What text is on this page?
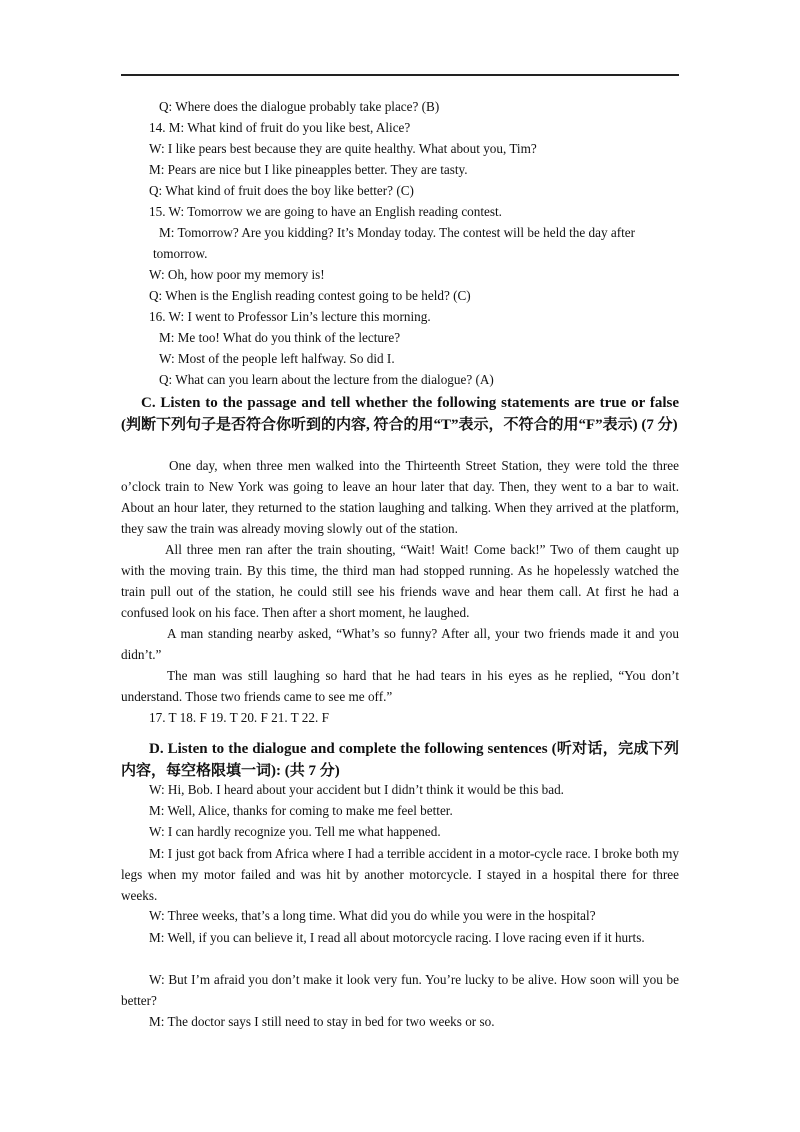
Q: Where does the dialogue probably take place? (B)
14. M: What kind of fruit do you like best, Alice?
W: I like pears best because they are quite healthy. What about you, Tim?
M: Pears are nice but I like pineapples better. They are tasty.
Q: What kind of fruit does the boy like better? (C)
15. W: Tomorrow we are going to have an English reading contest.
M: Tomorrow? Are you kidding? It’s Monday today. The contest will be held the day after
tomorrow.
W: Oh, how poor my memory is!
Q: When is the English reading contest going to be held? (C)
16. W: I went to Professor Lin’s lecture this morning.
M: Me too! What do you think of the lecture?
W: Most of the people left halfway. So did I.
Q: What can you learn about the lecture from the dialogue? (A)
C. Listen to the passage and tell whether the following statements are true or false (判断下列句子是否符合你听到的内容, 符合的用“T”表示，不符合的用“F”表示) (7 分)
One day, when three men walked into the Thirteenth Street Station, they were told the three o’clock train to New York was going to leave an hour later that day. Then, they went to a bar to wait. About an hour later, they returned to the station laughing and talking. When they arrived at the platform, they saw the train was already moving slowly out of the station.
All three men ran after the train shouting, “Wait! Wait! Come back!” Two of them caught up with the moving train. By this time, the third man had stopped running. As he hopelessly watched the train pull out of the station, he could still see his friends wave and hear them call. At first he had a confused look on his face. Then after a short moment, he laughed.
A man standing nearby asked, “What’s so funny? After all, your two friends made it and you didn’t.”
The man was still laughing so hard that he had tears in his eyes as he replied, “You don’t understand. Those two friends came to see me off.”
17. T 18. F 19. T 20. F 21. T 22. F
D. Listen to the dialogue and complete the following sentences (听对话，完成下列内容，每空格限填一词): (共 7 分)
W: Hi, Bob. I heard about your accident but I didn’t think it would be this bad.
M: Well, Alice, thanks for coming to make me feel better.
W: I can hardly recognize you. Tell me what happened.
M: I just got back from Africa where I had a terrible accident in a motor-cycle race. I broke both my legs when my motor failed and was hit by another motorcycle. I stayed in a hospital there for three weeks.
W: Three weeks, that’s a long time. What did you do while you were in the hospital?
M: Well, if you can believe it, I read all about motorcycle racing. I love racing even if it hurts.
W: But I’m afraid you don’t make it look very fun. You’re lucky to be alive. How soon will you be better?
M: The doctor says I still need to stay in bed for two weeks or so.
